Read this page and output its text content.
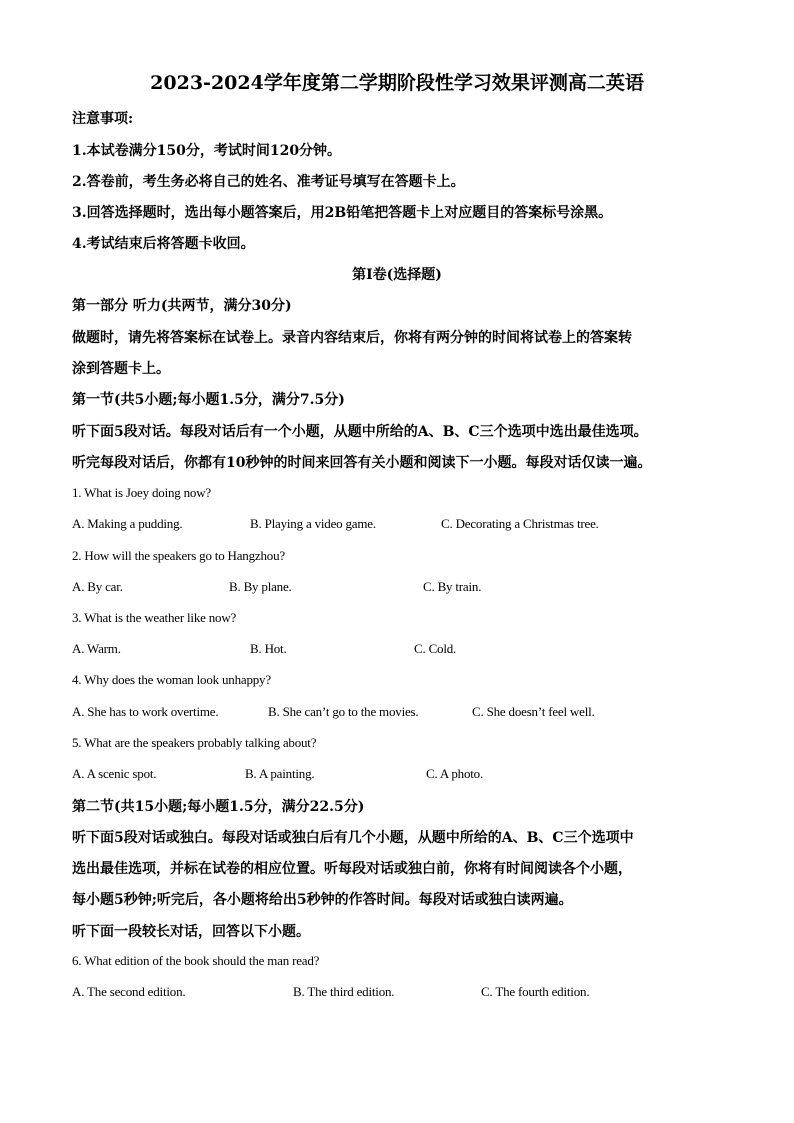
2023-2024学年度第二学期阶段性学习效果评测高二英语
注意事项:
1.本试卷满分150分，考试时间120分钟。
2.答卷前，考生务必将自己的姓名、准考证号填写在答题卡上。
3.回答选择题时，选出每小题答案后，用2B铅笔把答题卡上对应题目的答案标号涂黑。
4.考试结束后将答题卡收回。
第I卷(选择题)
第一部分 听力(共两节，满分30分)
做题时，请先将答案标在试卷上。录音内容结束后，你将有两分钟的时间将试卷上的答案转
涂到答题卡上。
第一节(共5小题;每小题1.5分，满分7.5分)
听下面5段对话。每段对话后有一个小题，从题中所给的A、B、C三个选项中选出最佳选项。
听完每段对话后，你都有10秒钟的时间来回答有关小题和阅读下一小题。每段对话仅读一遍。
1. What is Joey doing now?
A. Making a pudding.	B. Playing a video game.	C. Decorating a Christmas tree.
2. How will the speakers go to Hangzhou?
A. By car.	B. By plane.	C. By train.
3. What is the weather like now?
A. Warm.	B. Hot.	C. Cold.
4. Why does the woman look unhappy?
A. She has to work overtime.	B. She can’t go to the movies.	C. She doesn’t feel well.
5. What are the speakers probably talking about?
A. A scenic spot.	B. A painting.	C. A photo.
第二节(共15小题;每小题1.5分，满分22.5分)
听下面5段对话或独白。每段对话或独白后有几个小题，从题中所给的A、B、C三个选项中
选出最佳选项，并标在试卷的相应位置。听每段对话或独白前，你将有时间阅读各个小题，
每小题5秒钟;听完后，各小题将给出5秒钟的作答时间。每段对话或独白读两遍。
听下面一段较长对话，回答以下小题。
6. What edition of the book should the man read?
A. The second edition.	B. The third edition.	C. The fourth edition.
